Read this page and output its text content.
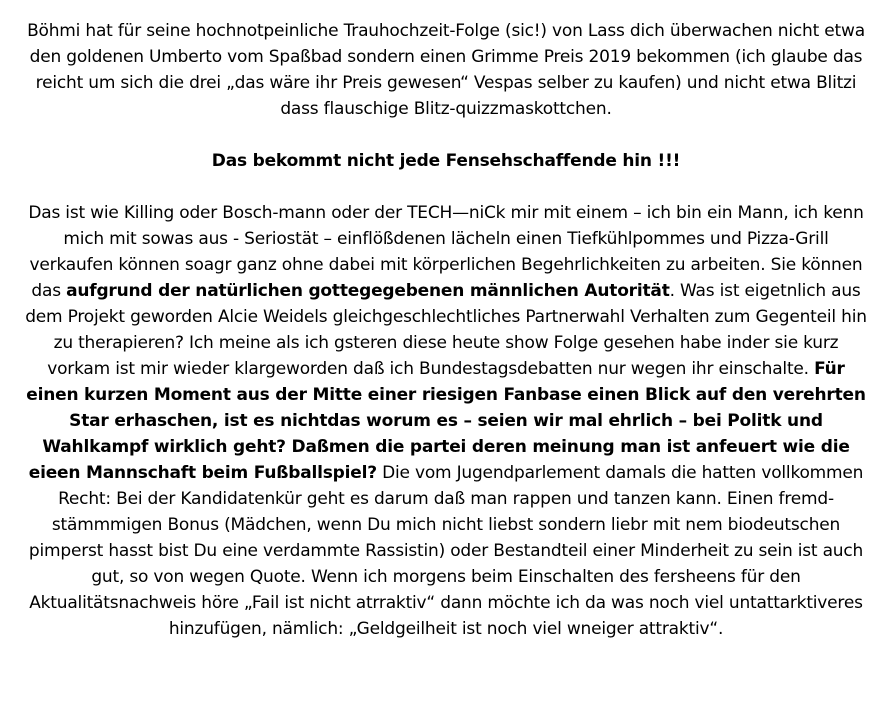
Böhmi hat für seine hochnotpeinliche Trauhochzeit-Folge (sic!) von Lass dich überwachen nicht etwa den goldenen Umberto vom Spaßbad sondern einen Grimme Preis 2019 bekommen (ich glaube das reicht um sich die drei „das wäre ihr Preis gewesen“ Vespas selber zu kaufen) und nicht etwa Blitzi dass flauschige Blitz-quizzmaskottchen.

Das bekommt nicht jede Fensehschaffende hin !!!

Das ist wie Killing oder Bosch-mann oder der TECH—niCk mir mit einem – ich bin ein Mann, ich kenn mich mit sowas aus - Seriostät – einflößdenen lächeln einen Tiefkühlpommes und Pizza-Grill verkaufen können soagr ganz ohne dabei mit körperlichen Begehrlichkeiten zu arbeiten. Sie können das aufgrund der natürlichen gottegegebenen männlichen Autorität. Was ist eigetnlich aus dem Projekt geworden Alcie Weidels gleichgeschlechtliches Partnerwahl Verhalten zum Gegenteil hin zu therapieren? Ich meine als ich gsteren diese heute show Folge gesehen habe inder sie kurz vorkam ist mir wieder klargeworden daß ich Bundestagsdebatten nur wegen ihr einschalte. Für einen kurzen Moment aus der Mitte einer riesigen Fanbase einen Blick auf den verehrten Star erhaschen, ist es nichtdas worum es – seien wir mal ehrlich – bei Politk und Wahlkampf wirklich geht? Daßmen die partei deren meinung man ist anfeuert wie die eieen Mannschaft beim Fußballspiel? Die vom Jugendparlement damals die hatten vollkommen Recht: Bei der Kandidatenkür geht es darum daß man rappen und tanzen kann. Einen fremd-stämmmigen Bonus (Mädchen, wenn Du mich nicht liebst sondern liebr mit nem biodeutschen pimperst hasst bist Du eine verdammte Rassistin) oder Bestandteil einer Minderheit zu sein ist auch gut, so von wegen Quote. Wenn ich morgens beim Einschalten des fersheens für den Aktualitätsnachweis höre „Fail ist nicht atrraktiv“ dann möchte ich da was noch viel untattarktiveres hinzufügen, nämlich: „Geldgeilheit ist noch viel wneiger attraktiv“.
